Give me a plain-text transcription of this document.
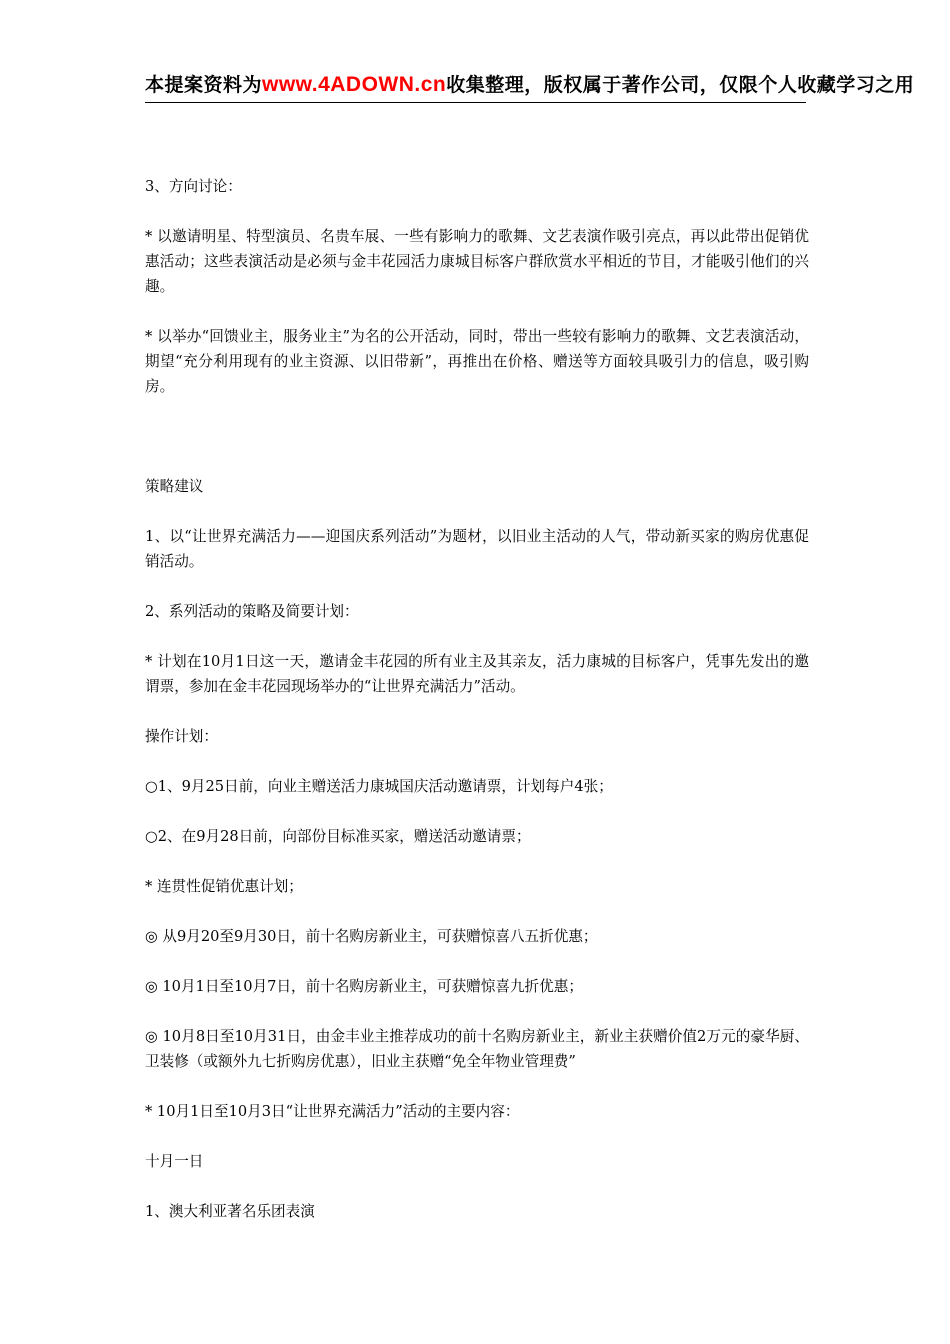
本提案资料为www.4ADOWN.cn收集整理，版权属于著作公司，仅限个人收藏学习之用

3、方向讨论：

* 以邀请明星、特型演员、名贵车展、一些有影响力的歌舞、文艺表演作吸引亮点，再以此带出促销优惠活动；这些表演活动是必须与金丰花园活力康城目标客户群欣赏水平相近的节目，才能吸引他们的兴趣。

* 以举办“回馈业主，服务业主”为名的公开活动，同时，带出一些较有影响力的歌舞、文艺表演活动，期望“充分利用现有的业主资源、以旧带新”，再推出在价格、赠送等方面较具吸引力的信息，吸引购房。

策略建议

1、以“让世界充满活力——迎国庆系列活动”为题材，以旧业主活动的人气，带动新买家的购房优惠促销活动。

2、系列活动的策略及简要计划：

* 计划在10月1日这一天，邀请金丰花园的所有业主及其亲友，活力康城的目标客户，凭事先发出的邀谓票，参加在金丰花园现场举办的“让世界充满活力”活动。

操作计划：

○1、9月25日前，向业主赠送活力康城国庆活动邀请票，计划每户4张；

○2、在9月28日前，向部份目标准买家，赠送活动邀请票；

* 连贯性促销优惠计划；

◎ 从9月20至9月30日，前十名购房新业主，可获赠惊喜八五折优惠；

◎ 10月1日至10月7日，前十名购房新业主，可获赠惊喜九折优惠；

◎ 10月8日至10月31日，由金丰业主推荐成功的前十名购房新业主，新业主获赠价值2万元的豪华厨、卫装修（或额外九七折购房优惠），旧业主获赠“免全年物业管理费”

* 10月1日至10月3日“让世界充满活力”活动的主要内容：

十月一日

1、澳大利亚著名乐团表演
